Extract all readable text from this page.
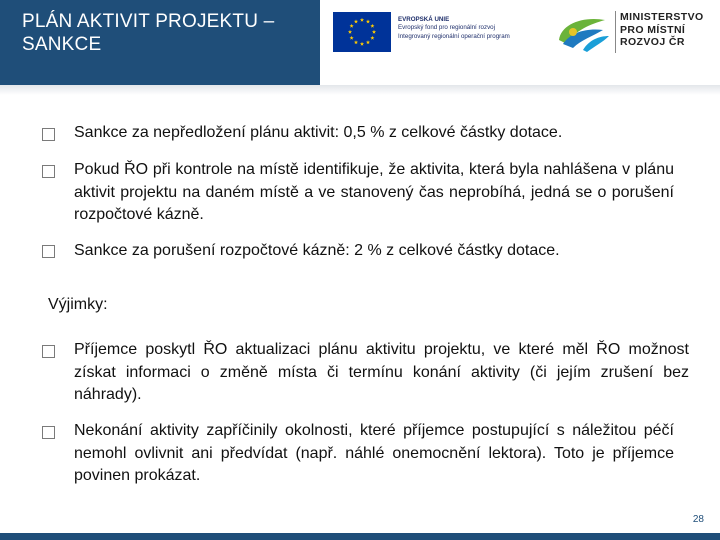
PLÁN AKTIVIT PROJEKTU – SANKCE
EVROPSKÁ UNIE
Evropský fond pro regionální rozvoj
Integrovaný regionální operační program
MINISTERSTVO
PRO MÍSTNÍ
ROZVOJ ČR
Sankce za nepředložení plánu aktivit: 0,5 % z celkové částky dotace.
Pokud ŘO při kontrole na místě identifikuje, že aktivita, která byla nahlášena v plánu aktivit projektu na daném místě a ve stanovený čas neprobíhá, jedná se o porušení rozpočtové kázně.
Sankce za porušení rozpočtové kázně: 2 % z celkové částky dotace.
Výjimky:
Příjemce poskytl ŘO aktualizaci plánu aktivitu projektu, ve které měl ŘO možnost získat informaci o změně místa či termínu konání aktivity (či jejím zrušení bez náhrady).
Nekonání aktivity zapříčinily okolnosti, které příjemce postupující s náležitou péčí nemohl ovlivnit ani předvídat (např. náhlé onemocnění lektora). Toto je příjemce povinen prokázat.
28
